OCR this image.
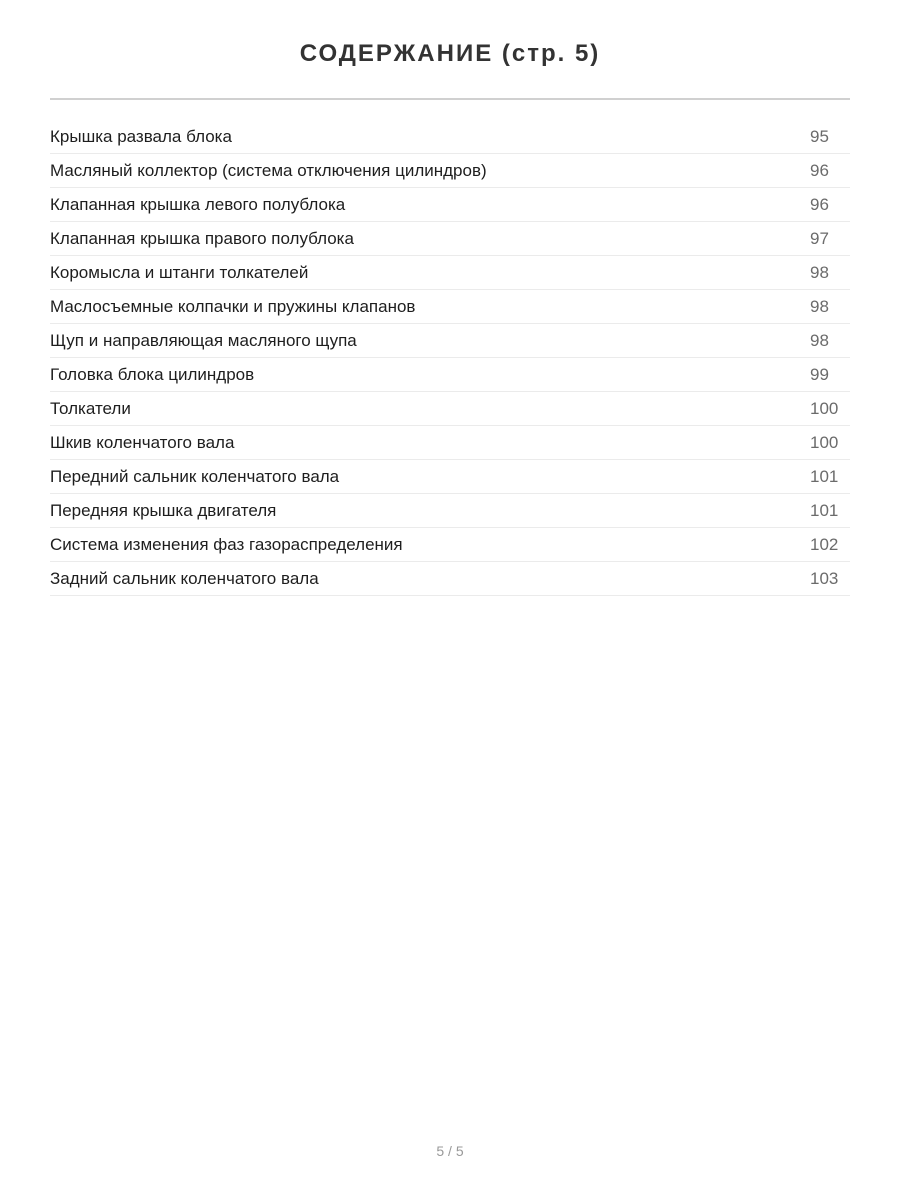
СОДЕРЖАНИЕ (стр. 5)
Крышка развала блока	95
Масляный коллектор (система отключения цилиндров)	96
Клапанная крышка левого полублока	96
Клапанная крышка правого полублока	97
Коромысла и штанги толкателей	98
Маслосъемные колпачки и пружины клапанов	98
Щуп и направляющая масляного щупа	98
Головка блока цилиндров	99
Толкатели	100
Шкив коленчатого вала	100
Передний сальник коленчатого вала	101
Передняя крышка двигателя	101
Система изменения фаз газораспределения	102
Задний сальник коленчатого вала	103
5 / 5
